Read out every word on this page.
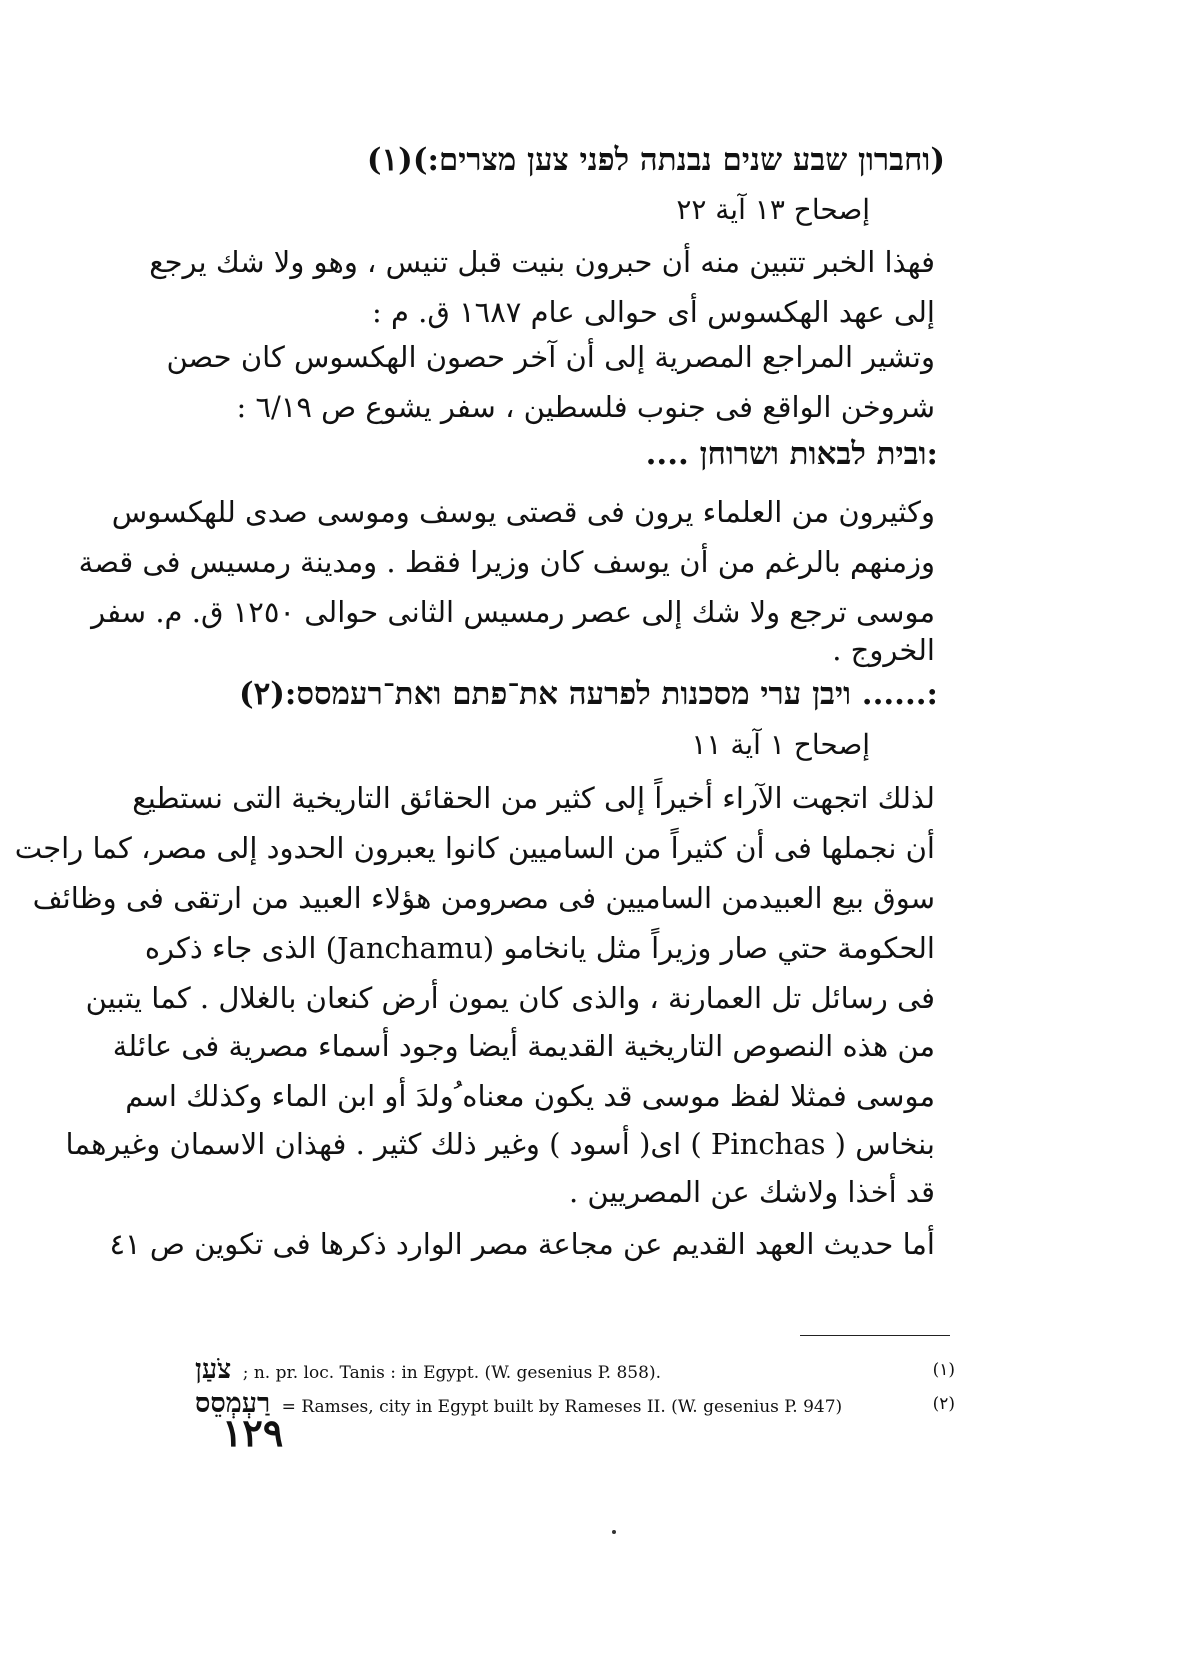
(וחברון שבע שנים נבנתה לפני צען מצרים:)(١)
إصحاح ١٣ آية ٢٢
فهذا الخبر تتبين منه أن حبرون بنيت قبل تنيس ، وهو ولا شك يرجع
إلى عهد الهكسوس أى حوالى عام ١٦٨٧ ق. م :
وتشير المراجع المصرية إلى أن آخر حصون الهكسوس كان حصن
شروخن الواقع فى جنوب فلسطين ، سفر يشوع ص ٦/١٩ :
:ובית לבאות ושרוחן ....
وكثيرون من العلماء يرون فى قصتى يوسف وموسى صدى للهكسوس
وزمنهم بالرغم من أن يوسف كان وزيرا فقط . ومدينة رمسيس فى قصة
موسى ترجع ولا شك إلى عصر رمسيس الثانى حوالى ١٢٥٠ ق. م. سفر
الخروج .
:...... ויבן ערי מסכנות לפרעה את־פתם ואת־רעמסס:(٢)
إصحاح ١ آية ١١
لذلك اتجهت الآراء أخيراً إلى كثير من الحقائق التاريخية التى نستطيع
أن نجملها فى أن كثيراً من الساميين كانوا يعبرون الحدود إلى مصر، كما راجت
سوق بيع العبيدمن الساميين فى مصرومن هؤلاء العبيد من ارتقى فى وظائف
الحكومة حتي صار وزيراً مثل يانخامو (Janchamu) الذى جاء ذكره
فى رسائل تل العمارنة ، والذى كان يمون أرض كنعان بالغلال . كما يتبين
من هذه النصوص التاريخية القديمة أيضا وجود أسماء مصرية فى عائلة
موسى فمثلا لفظ موسى قد يكون معناه ُولدَ أو ابن الماء وكذلك اسم
بنخاس ( Pinchas ) اى( أسود ) وغير ذلك كثير . فهذان الاسمان وغيرهما
قد أخذا ولاشك عن المصريين .
أما حديث العهد القديم عن مجاعة مصر الوارد ذكرها فى تكوين ص ٤١
צֹעַן ; n. pr. loc. Tanis : in Egypt. (W. gesenius P. 858).	(١)
רַעְמְסֵס = Ramses, city in Egypt built by Rameses II. (W. gesenius P. 947)	(٢)
١٢٩
